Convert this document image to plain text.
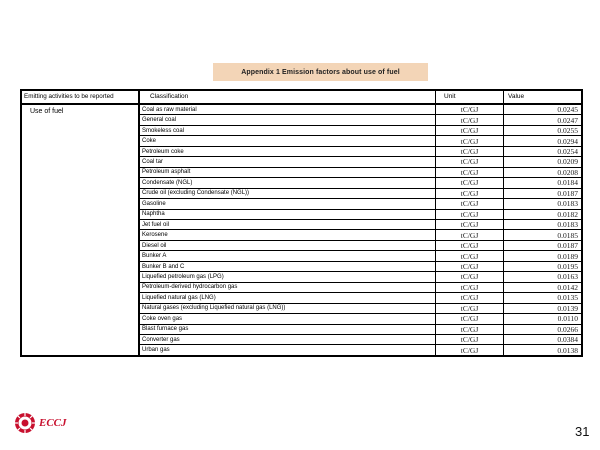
Appendix 1 Emission factors about use of fuel
Emitting activities to be reported
Use of fuel
Classification	Unit	Value
Coal as raw material	tC/GJ	0.0245
General coal	tC/GJ	0.0247
Smokeless coal	tC/GJ	0.0255
Coke	tC/GJ	0.0294
Petroleum coke	tC/GJ	0.0254
Coal tar	tC/GJ	0.0209
Petroleum asphalt	tC/GJ	0.0208
Condensate (NGL)	tC/GJ	0.0184
Crude oil (excluding Condensate (NGL))	tC/GJ	0.0187
Gasoline	tC/GJ	0.0183
Naphtha	tC/GJ	0.0182
Jet fuel oil	tC/GJ	0.0183
Kerosene	tC/GJ	0.0185
Diesel oil	tC/GJ	0.0187
Bunker A	tC/GJ	0.0189
Bunker B and C	tC/GJ	0.0195
Liquefied petroleum gas (LPG)	tC/GJ	0.0163
Petroleum-derived hydrocarbon gas	tC/GJ	0.0142
Liquefied natural gas (LNG)	tC/GJ	0.0135
Natural gases (excluding Liquefied natural gas (LNG))	tC/GJ	0.0139
Coke oven gas	tC/GJ	0.0110
Blast furnace gas	tC/GJ	0.0266
Converter gas	tC/GJ	0.0384
Urban gas	tC/GJ	0.0138
ECCJ
31
